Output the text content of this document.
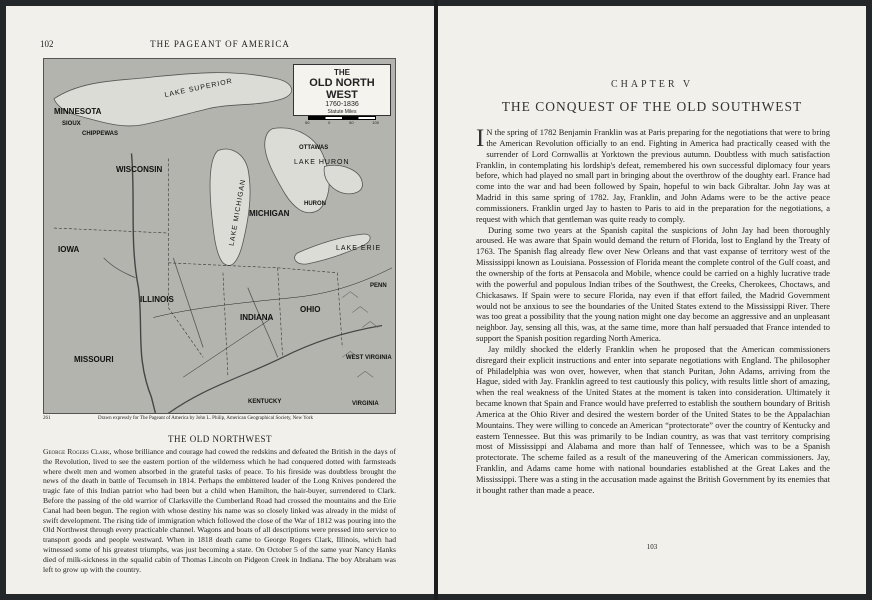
102	THE PAGEANT OF AMERICA
THE
OLD NORTH WEST
1760-1836
Statute Miles
50	0	50	100
MINNESOTA
SIOUX
CHIPPEWAS
LAKE SUPERIOR
WISCONSIN
MICHIGAN
LAKE MICHIGAN
LAKE HURON
OTTAWAS
HURON
IOWA	LAKE ERIE
ILLINOIS
INDIANA
OHIO
PENN
MISSOURI
KENTUCKY
WEST VIRGINIA
VIRGINIA
261	Drawn expressly for The Pageant of America by John L. Philip, American Geographical Society, New York
THE OLD NORTHWEST

George Rogers Clark, whose brilliance and courage had cowed the redskins and defeated the British in the days of the Revolution, lived to see the eastern portion of the wilderness which he had conquered dotted with farmsteads where dwelt men and women absorbed in the grateful tasks of peace. To his fireside was doubtless brought the news of the death in battle of Tecumseh in 1814. Perhaps the embittered leader of the Long Knives pondered the tragic fate of this Indian patriot who had been but a child when Hamilton, the hair-buyer, surrendered to Clark. Before the passing of the old warrior of Clarksville the Cumberland Road had crossed the mountains and the Erie Canal had been begun. The region with whose destiny his name was so closely linked was already in the midst of swift development. The rising tide of immigration which followed the close of the War of 1812 was pouring into the Old Northwest through every practicable channel. Wagons and boats of all descriptions were pressed into service to transport goods and people westward. When in 1818 death came to George Rogers Clark, Illinois, which had witnessed some of his greatest triumphs, was just becoming a state. On October 5 of the same year Nancy Hanks died of milk-sickness in the squalid cabin of Thomas Lincoln on Pidgeon Creek in Indiana. The boy Abraham was left to grow up with the country.

CHAPTER V
THE CONQUEST OF THE OLD SOUTHWEST

I N the spring of 1782 Benjamin Franklin was at Paris preparing for the negotiations that were to bring the American Revolution officially to an end. Fighting in America had practically ceased with the surrender of Lord Cornwallis at Yorktown the previous autumn. Doubtless with much satisfaction Franklin, in contemplating his lordship's defeat, remembered his own successful diplomacy four years before, which had played no small part in bringing about the overthrow of the doughty earl. France had come into the war and had been followed by Spain, hopeful to win back Gibraltar. John Jay was at Madrid in this same spring of 1782. Jay, Franklin, and John Adams were to be the active peace commissioners. Franklin urged Jay to hasten to Paris to aid in the preparation for the negotiations, a request with which that gentleman was quite ready to comply.

During some two years at the Spanish capital the suspicions of John Jay had been thoroughly aroused. He was aware that Spain would demand the return of Florida, lost to England by the Treaty of 1763. The Spanish flag already flew over New Orleans and that vast expanse of territory west of the Mississippi known as Louisiana. Possession of Florida meant the complete control of the Gulf coast, and the ownership of the forts at Pensacola and Mobile, whence could be carried on a highly lucrative trade with the powerful and populous Indian tribes of the Southwest, the Creeks, Cherokees, Choctaws, and Chickasaws. If Spain were to secure Florida, nay even if that effort failed, the Madrid Government would not be anxious to see the boundaries of the United States extend to the Mississippi River. There was too great a possibility that the young nation might one day become an aggressive and an unpleasant neighbor. Jay, sensing all this, was, at the same time, more than half persuaded that France intended to support the Spanish position regarding North America.

Jay mildly shocked the elderly Franklin when he proposed that the American commissioners disregard their explicit instructions and enter into separate negotiations with England. The philosopher of Philadelphia was won over, however, when that stanch Puritan, John Adams, arriving from the Hague, sided with Jay. Franklin agreed to test cautiously this policy, with results little short of amazing, when the real weakness of the United States at the moment is taken into consideration. Ultimately it became known that Spain and France would have preferred to establish the southern boundary of British America at the Ohio River and desired the western border of the United States to be the Appalachian Mountains. They were willing to concede an American “protectorate” over the country of Kentucky and eastern Tennessee. But this was primarily to be Indian country, as was that vast territory comprising most of Mississippi and Alabama and more than half of Tennessee, which was to be a Spanish protectorate. The scheme failed as a result of the maneuvering of the American commissioners. Jay, Franklin, and Adams came home with national boundaries established at the Great Lakes and the Mississippi. There was a sting in the accusation made against the British Government by its enemies that it bought rather than made a peace.

103
